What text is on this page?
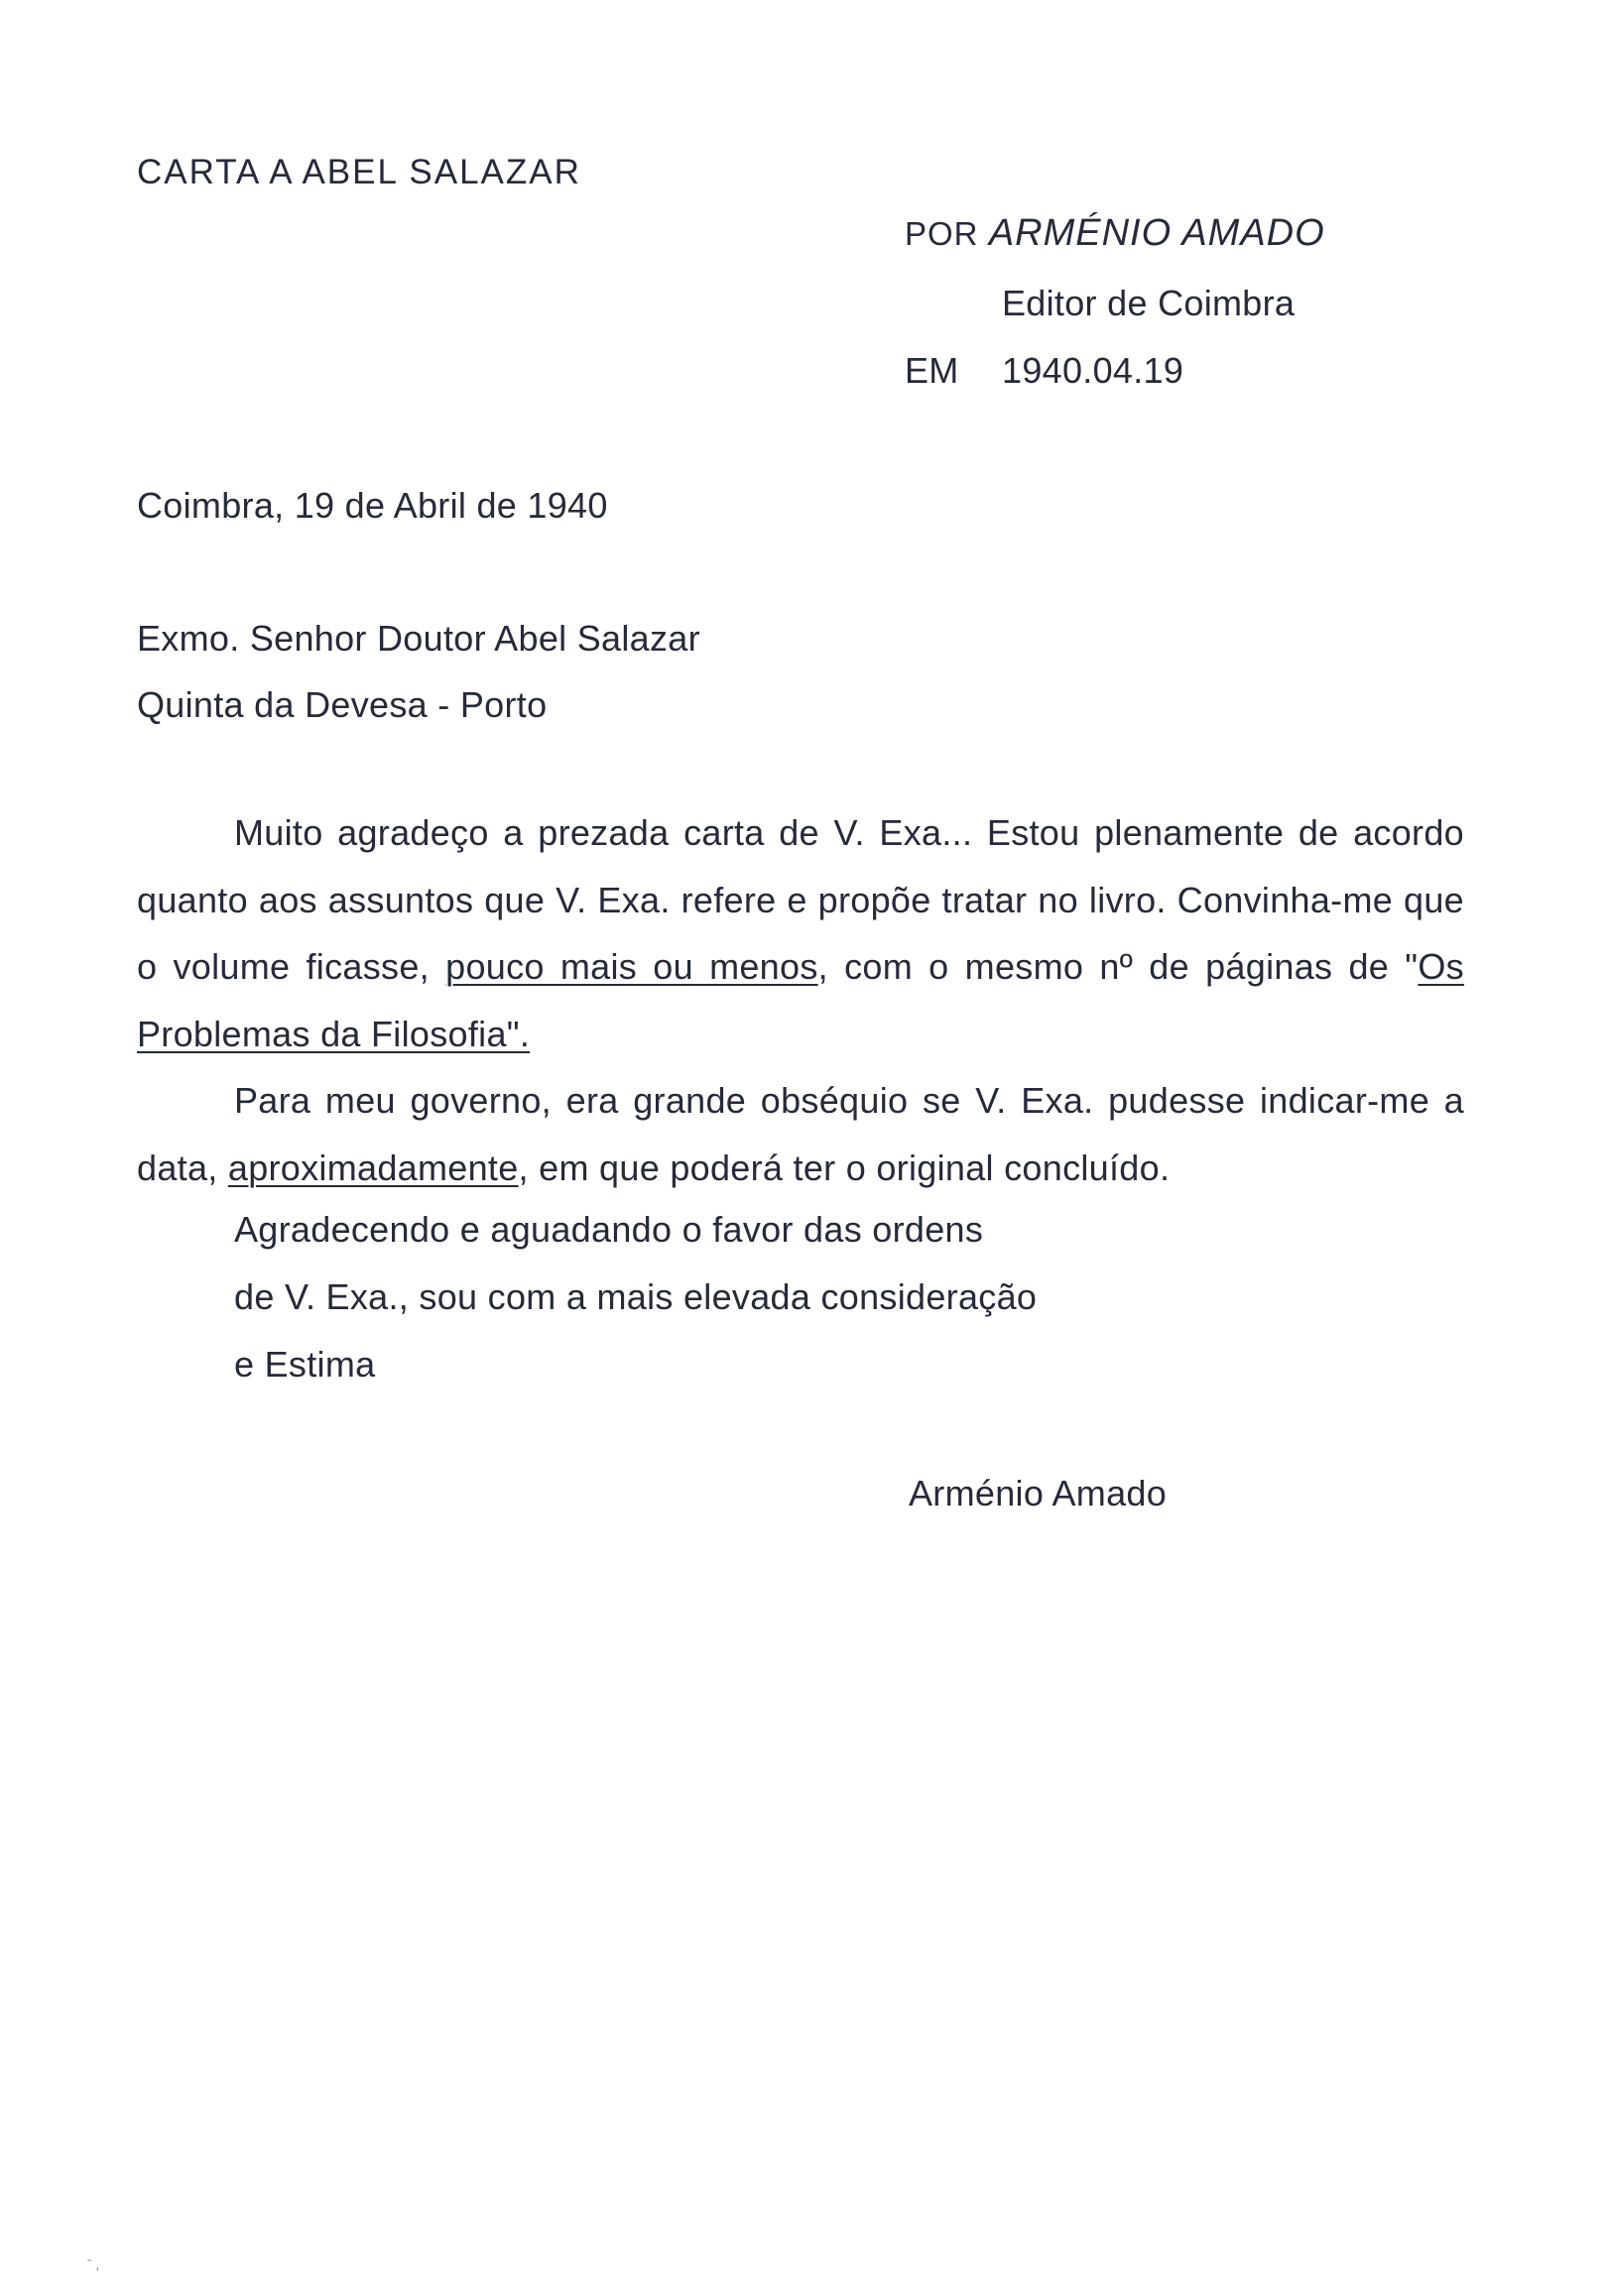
CARTA A ABEL SALAZAR
POR ARMÉNIO AMADO
Editor de Coimbra
EM 1940.04.19
Coimbra, 19 de Abril de 1940
Exmo. Senhor Doutor Abel Salazar
Quinta da Devesa - Porto
Muito agradeço a prezada carta de V. Exa... Estou plenamente de acordo quanto aos assuntos que V. Exa. refere e propõe tratar no livro. Convinha-me que o volume ficasse, pouco mais ou menos, com o mesmo nº de páginas de "Os Problemas da Filosofia".
Para meu governo, era grande obséquio se V. Exa. pudesse indicar-me a data, aproximadamente, em que poderá ter o original concluído.
Agradecendo e aguadando o favor das ordens
de V. Exa., sou com a mais elevada consideração
e Estima
Arménio Amado
ˉ ,
